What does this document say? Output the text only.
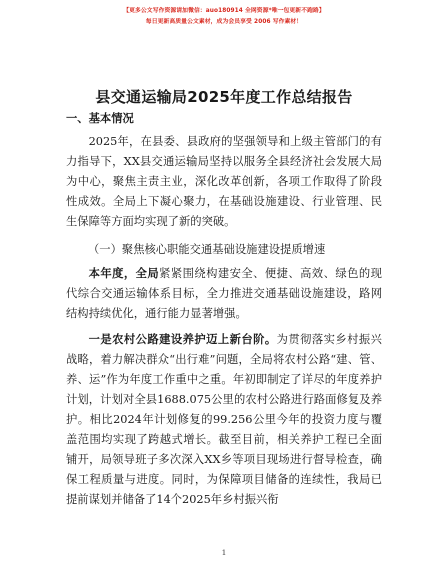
【更多公文写作资源请加微信：auo180914 全网资源*唯一包更新不跑路】
每日更新高质量公文素材，成为会员享受 2006 写作素材！
县交通运输局2025年度工作总结报告
一、基本情况
2025年，在县委、县政府的坚强领导和上级主管部门的有力指导下，XX县交通运输局坚持以服务全县经济社会发展大局为中心，聚焦主责主业，深化改革创新，各项工作取得了阶段性成效。全局上下凝心聚力，在基础设施建设、行业管理、民生保障等方面均实现了新的突破。
（一）聚焦核心职能交通基础设施建设提质增速
本年度，全局紧紧围绕构建安全、便捷、高效、绿色的现代综合交通运输体系目标，全力推进交通基础设施建设，路网结构持续优化，通行能力显著增强。
一是农村公路建设养护迈上新台阶。为贯彻落实乡村振兴战略，着力解决群众“出行难”问题，全局将农村公路“建、管、养、运”作为年度工作重中之重。年初即制定了详尽的年度养护计划，计划对全县1688.075公里的农村公路进行路面修复及养护。相比2024年计划修复的99.256公里今年的投资力度与覆盖范围均实现了跨越式增长。截至目前，相关养护工程已全面铺开，局领导班子多次深入XX乡等项目现场进行督导检查，确保工程质量与进度。同时，为保障项目储备的连续性，我局已提前谋划并储备了14个2025年乡村振兴衔
1
